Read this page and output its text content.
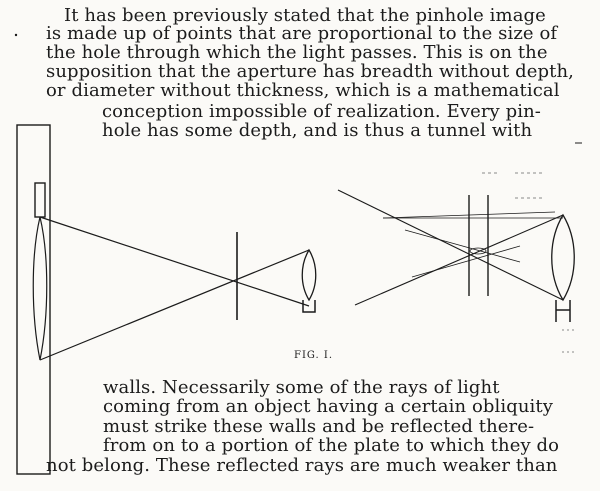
It has been previously stated that the pinhole image
is made up of points that are proportional to the size of
the hole through which the light passes. This is on the
supposition that the aperture has breadth without depth,
or diameter without thickness, which is a mathematical
conception impossible of realization. Every pin-
hole has some depth, and is thus a tunnel with
FIG. I.
walls. Necessarily some of the rays of light
coming from an object having a certain obliquity
must strike these walls and be reflected there-
from on to a portion of the plate to which they do
not belong. These reflected rays are much weaker than
